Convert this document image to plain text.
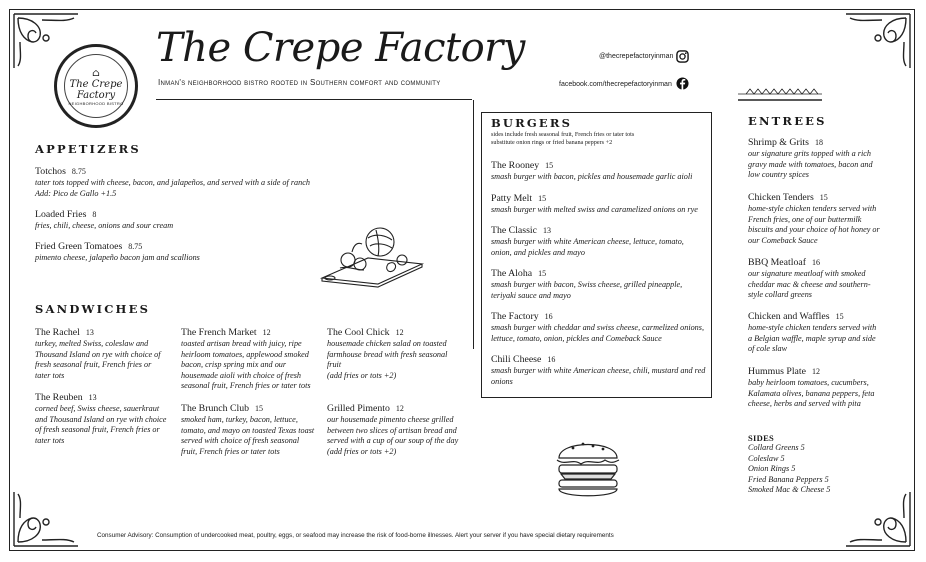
⌂
The Crepe
Factory
NEIGHBORHOOD BISTRO
The Crepe Factory
Inman's neighborhood bistro rooted in Southern comfort and community
@thecrepefactoryinman
facebook.com/thecrepefactoryinman
APPETIZERS
Totchos 8.75
tater tots topped with cheese, bacon, and jalapeños, and served with a side of ranch
Add: Pico de Gallo +1.5
Loaded Fries 8
fries, chili, cheese, onions and sour cream
Fried Green Tomatoes 8.75
pimento cheese, jalapeño bacon jam and scallions
SANDWICHES
The Rachel 13
turkey, melted Swiss, coleslaw and Thousand Island on rye with choice of fresh seasonal fruit, French fries or tater tots
The Reuben 13
corned beef, Swiss cheese, sauerkraut and Thousand Island on rye with choice of fresh seasonal fruit, French fries or tater tots
The French Market 12
toasted artisan bread with juicy, ripe heirloom tomatoes, applewood smoked bacon, crisp spring mix and our housemade aioli with choice of fresh seasonal fruit, French fries or tater tots
The Brunch Club 15
smoked ham, turkey, bacon, lettuce, tomato, and mayo on toasted Texas toast served with choice of fresh seasonal fruit, French fries or tater tots
The Cool Chick 12
housemade chicken salad on toasted farmhouse bread with fresh seasonal fruit
(add fries or tots +2)
Grilled Pimento 12
our housemade pimento cheese grilled between two slices of artisan bread and served with a cup of our soup of the day
(add fries or tots +2)
BURGERS
sides include fresh seasonal fruit, French fries or tater tots
substitute onion rings or fried banana peppers +2
The Rooney 15
smash burger with bacon, pickles and housemade garlic aioli
Patty Melt 15
smash burger with melted swiss and caramelized onions on rye
The Classic 13
smash burger with white American cheese, lettuce, tomato, onion, and pickles and mayo
The Aloha 15
smash burger with bacon, Swiss cheese, grilled pineapple, teriyaki sauce and mayo
The Factory 16
smash burger with cheddar and swiss cheese, carmelized onions, lettuce, tomato, onion, pickles and Comeback Sauce
Chili Cheese 16
smash burger with white American cheese, chili, mustard and red onions
ENTREES
Shrimp & Grits 18
our signature grits topped with a rich gravy made with tomatoes, bacon and low country spices
Chicken Tenders 15
home-style chicken tenders served with French fries, one of our buttermilk biscuits and your choice of hot honey or our Comeback Sauce
BBQ Meatloaf 16
our signature meatloaf with smoked cheddar mac & cheese and southern-style collard greens
Chicken and Waffles 15
home-style chicken tenders served with a Belgian waffle, maple syrup and side of cole slaw
Hummus Plate 12
baby heirloom tomatoes, cucumbers, Kalamata olives, banana peppers, feta cheese, herbs and served with pita
SIDES
Collard Greens 5
Coleslaw 5
Onion Rings 5
Fried Banana Peppers 5
Smoked Mac & Cheese 5
Consumer Advisory: Consumption of undercooked meat, poultry, eggs, or seafood may increase the risk of food-borne illnesses. Alert your server if you have special dietary requirements
